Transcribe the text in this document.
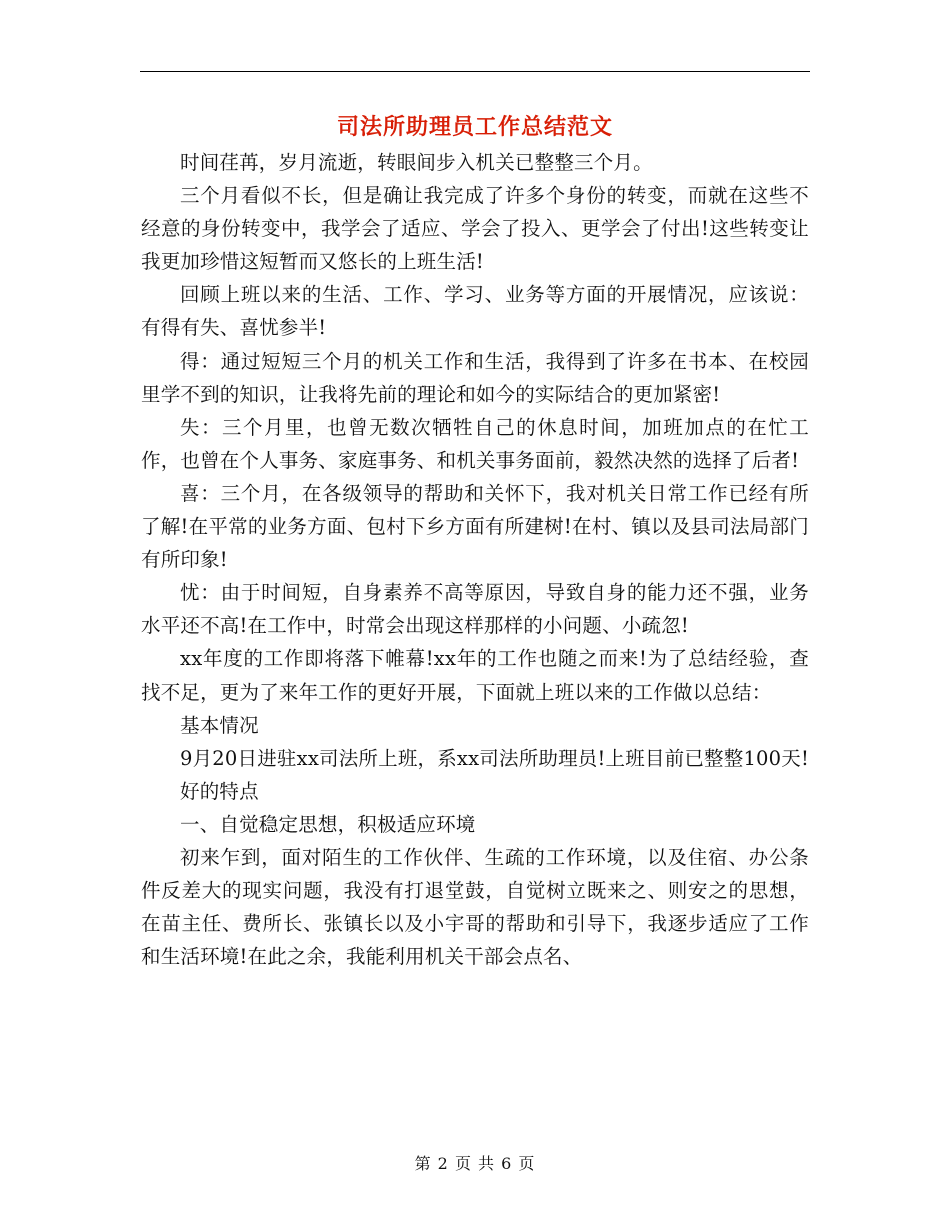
司法所助理员工作总结范文

时间荏苒，岁月流逝，转眼间步入机关已整整三个月。

三个月看似不长，但是确让我完成了许多个身份的转变，而就在这些不经意的身份转变中，我学会了适应、学会了投入、更学会了付出!这些转变让我更加珍惜这短暂而又悠长的上班生活!

回顾上班以来的生活、工作、学习、业务等方面的开展情况，应该说：有得有失、喜忧参半!

得：通过短短三个月的机关工作和生活，我得到了许多在书本、在校园里学不到的知识，让我将先前的理论和如今的实际结合的更加紧密!

失：三个月里，也曾无数次牺牲自己的休息时间，加班加点的在忙工作，也曾在个人事务、家庭事务、和机关事务面前，毅然决然的选择了后者!

喜：三个月，在各级领导的帮助和关怀下，我对机关日常工作已经有所了解!在平常的业务方面、包村下乡方面有所建树!在村、镇以及县司法局部门有所印象!

忧：由于时间短，自身素养不高等原因，导致自身的能力还不强，业务水平还不高!在工作中，时常会出现这样那样的小问题、小疏忽!

xx年度的工作即将落下帷幕!xx年的工作也随之而来!为了总结经验，查找不足，更为了来年工作的更好开展，下面就上班以来的工作做以总结：

基本情况

9月20日进驻xx司法所上班，系xx司法所助理员!上班目前已整整100天!

好的特点

一、自觉稳定思想，积极适应环境

初来乍到，面对陌生的工作伙伴、生疏的工作环境，以及住宿、办公条件反差大的现实问题，我没有打退堂鼓，自觉树立既来之、则安之的思想，在苗主任、费所长、张镇长以及小宇哥的帮助和引导下，我逐步适应了工作和生活环境!在此之余，我能利用机关干部会点名、

第 2 页 共 6 页
